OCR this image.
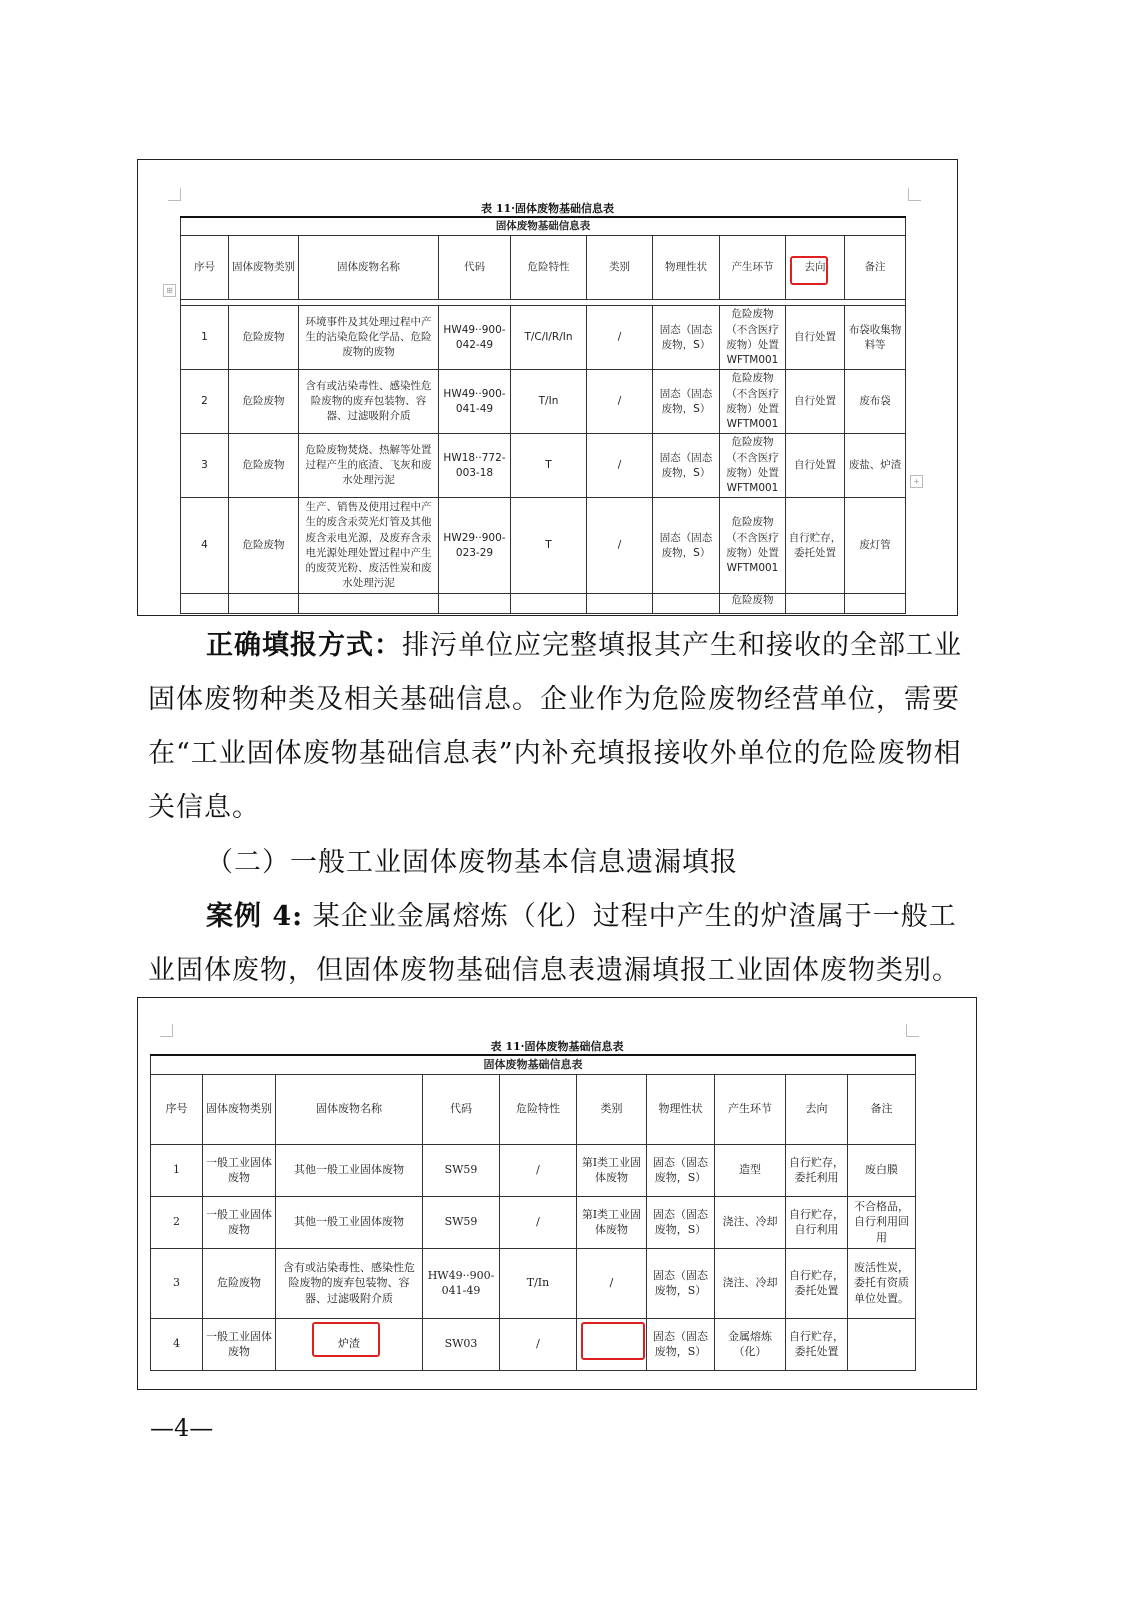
⊞
+
表 11·固体废物基础信息表
固体废物基础信息表									
序号	固体废物类别	固体废物名称	代码	危险特性	类别	物理性状	产生环节	去向	备注

1	危险废物	环境事件及其处理过程中产生的沾染危险化学品、危险废物的废物	HW49··900-042-49	T/C/I/R/In	/	固态（固态废物，S）	危险废物（不含医疗废物）处置 WFTM001	自行处置	布袋收集物料等
2	危险废物	含有或沾染毒性、感染性危险废物的废弃包装物、容器、过滤吸附介质	HW49··900-041-49	T/In	/	固态（固态废物，S）	危险废物（不含医疗废物）处置 WFTM001	自行处置	废布袋
3	危险废物	危险废物焚烧、热解等处置过程产生的底渣、飞灰和废水处理污泥	HW18··772-003-18	T	/	固态（固态废物，S）	危险废物（不含医疗废物）处置 WFTM001	自行处置	废盐、炉渣
4	危险废物	生产、销售及使用过程中产生的废含汞荧光灯管及其他废含汞电光源，及废弃含汞电光源处理处置过程中产生的废荧光粉、废活性炭和废水处理污泥	HW29··900-023-29	T	/	固态（固态废物，S）	危险废物（不含医疗废物）处置 WFTM001	自行贮存，委托处置	废灯管
							危险废物		
正确填报方式：排污单位应完整填报其产生和接收的全部工业固体废物种类及相关基础信息。企业作为危险废物经营单位，需要在“工业固体废物基础信息表”内补充填报接收外单位的危险废物相关信息。
（二）一般工业固体废物基本信息遗漏填报
案例 4: 某企业金属熔炼（化）过程中产生的炉渣属于一般工业固体废物，但固体废物基础信息表遗漏填报工业固体废物类别。
表 11·固体废物基础信息表
固体废物基础信息表									
序号	固体废物类别	固体废物名称	代码	危险特性	类别	物理性状	产生环节	去向	备注
1	一般工业固体废物	其他一般工业固体废物	SW59	/	第Ⅰ类工业固体废物	固态（固态废物，S）	造型	自行贮存，委托利用	废白膜
2	一般工业固体废物	其他一般工业固体废物	SW59	/	第Ⅰ类工业固体废物	固态（固态废物，S）	浇注、冷却	自行贮存，自行利用	不合格品，自行利用回用
3	危险废物	含有或沾染毒性、感染性危险废物的废弃包装物、容器、过滤吸附介质	HW49··900-041-49	T/In	/	固态（固态废物，S）	浇注、冷却	自行贮存，委托处置	废活性炭，委托有资质单位处置。
4	一般工业固体废物	炉渣	SW03	/		固态（固态废物，S）	金属熔炼（化）	自行贮存，委托处置	
—4—
